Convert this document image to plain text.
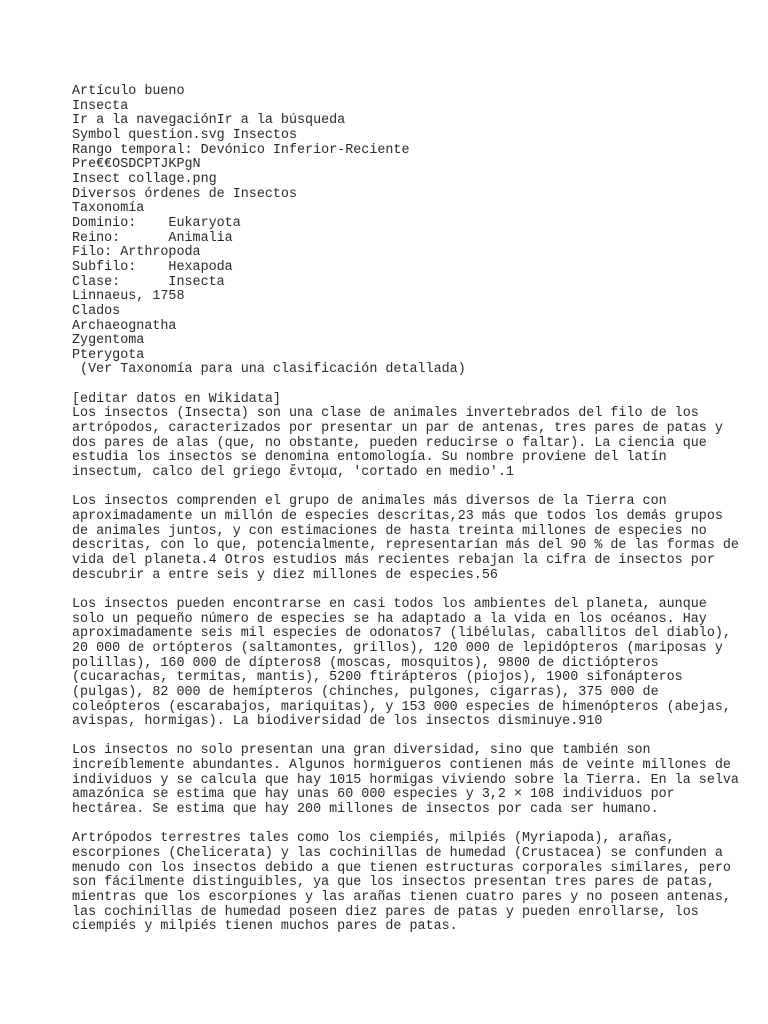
Artículo bueno
Insecta
Ir a la navegaciónIr a la búsqueda
Symbol question.svg Insectos
Rango temporal: Devónico Inferior-Reciente
Pre€€OSDCPTJKPgN
Insect collage.png
Diversos órdenes de Insectos
Taxonomía
Dominio:    Eukaryota
Reino:      Animalia
Filo: Arthropoda
Subfilo:    Hexapoda
Clase:      Insecta
Linnaeus, 1758
Clados
Archaeognatha
Zygentoma
Pterygota
(Ver Taxonomía para una clasificación detallada)
[editar datos en Wikidata]
Los insectos (Insecta) son una clase de animales invertebrados del filo de los
artrópodos, caracterizados por presentar un par de antenas, tres pares de patas y
dos pares de alas (que, no obstante, pueden reducirse o faltar). La ciencia que
estudia los insectos se denomina entomología. Su nombre proviene del latín
insectum, calco del griego ἔντομα, 'cortado en medio'.1
Los insectos comprenden el grupo de animales más diversos de la Tierra con
aproximadamente un millón de especies descritas,23 más que todos los demás grupos
de animales juntos, y con estimaciones de hasta treinta millones de especies no
descritas, con lo que, potencialmente, representarían más del 90 % de las formas de
vida del planeta.4 Otros estudios más recientes rebajan la cifra de insectos por
descubrir a entre seis y diez millones de especies.56
Los insectos pueden encontrarse en casi todos los ambientes del planeta, aunque
solo un pequeño número de especies se ha adaptado a la vida en los océanos. Hay
aproximadamente seis mil especies de odonatos7 (libélulas, caballitos del diablo),
20 000 de ortópteros (saltamontes, grillos), 120 000 de lepidópteros (mariposas y
polillas), 160 000 de dípteros8 (moscas, mosquitos), 9800 de dictiópteros
(cucarachas, termitas, mantis), 5200 ftirápteros (piojos), 1900 sifonápteros
(pulgas), 82 000 de hemípteros (chinches, pulgones, cigarras), 375 000 de
coleópteros (escarabajos, mariquitas), y 153 000 especies de himenópteros (abejas,
avispas, hormigas). La biodiversidad de los insectos disminuye.910
Los insectos no solo presentan una gran diversidad, sino que también son
increíblemente abundantes. Algunos hormigueros contienen más de veinte millones de
individuos y se calcula que hay 1015 hormigas viviendo sobre la Tierra. En la selva
amazónica se estima que hay unas 60 000 especies y 3,2 × 108 individuos por
hectárea. Se estima que hay 200 millones de insectos por cada ser humano.
Artrópodos terrestres tales como los ciempiés, milpiés (Myriapoda), arañas,
escorpiones (Chelicerata) y las cochinillas de humedad (Crustacea) se confunden a
menudo con los insectos debido a que tienen estructuras corporales similares, pero
son fácilmente distinguibles, ya que los insectos presentan tres pares de patas,
mientras que los escorpiones y las arañas tienen cuatro pares y no poseen antenas,
las cochinillas de humedad poseen diez pares de patas y pueden enrollarse, los
ciempiés y milpiés tienen muchos pares de patas.
